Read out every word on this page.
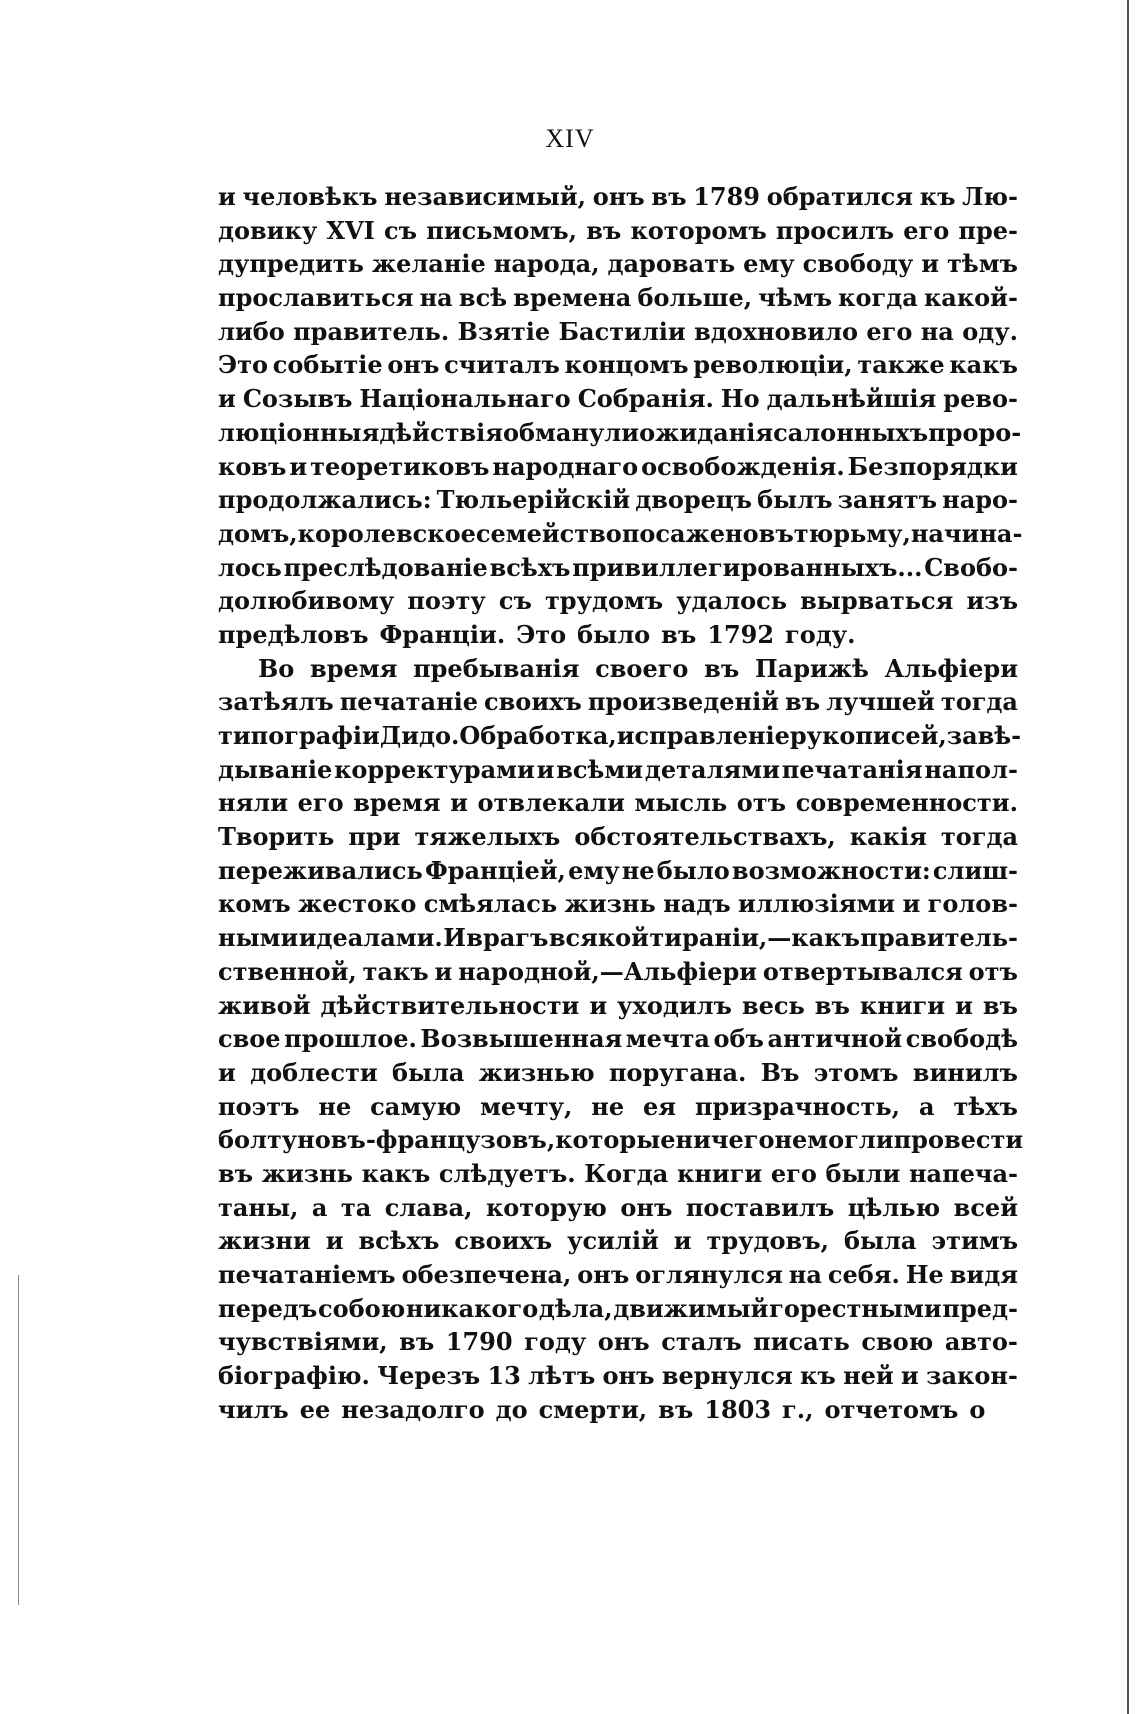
XIV
и человѣкъ независимый, онъ въ 1789 обратился къ Лю-
довику XVI съ письмомъ, въ которомъ просилъ его пре-
дупредить желаніе народа, даровать ему свободу и тѣмъ
прославиться на всѣ времена больше, чѣмъ когда какой-
либо правитель. Взятіе Бастиліи вдохновило его на оду.
Это событіе онъ считалъ концомъ революціи, также какъ
и Созывъ Національнаго Собранія. Но дальнѣйшія рево-
люціонныя дѣйствія обманули ожиданія салонныхъ проро-
ковъ и теоретиковъ народнаго освобожденія. Безпорядки
продолжались: Тюльерійскій дворецъ былъ занятъ наро-
домъ, королевское семейство посажено въ тюрьму, начина-
лось преслѣдованіе всѣхъ привиллегированныхъ... Свобо-
долюбивому поэту съ трудомъ удалось вырваться изъ
предѣловъ Франціи. Это было въ 1792 году.
Во время пребыванія своего въ Парижѣ Альфіери
затѣялъ печатаніе своихъ произведеній въ лучшей тогда
типографіи Дидо. Обработка, исправленіе рукописей, завѣ-
дываніе корректурами и всѣми деталями печатанія напол-
няли его время и отвлекали мысль отъ современности.
Творить при тяжелыхъ обстоятельствахъ, какія тогда
переживались Франціей, ему не было возможности: слиш-
комъ жестоко смѣялась жизнь надъ иллюзіями и голов-
ными идеалами. И врагъ всякой тираніи,—какъ правитель-
ственной, такъ и народной,—Альфіери отвертывался отъ
живой дѣйствительности и уходилъ весь въ книги и въ
свое прошлое. Возвышенная мечта объ античной свободѣ
и доблести была жизнью поругана. Въ этомъ винилъ
поэтъ не самую мечту, не ея призрачность, а тѣхъ
болтуновъ-французовъ, которые ничего не могли провести
въ жизнь какъ слѣдуетъ. Когда книги его были напеча-
таны, а та слава, которую онъ поставилъ цѣлью всей
жизни и всѣхъ своихъ усилій и трудовъ, была этимъ
печатаніемъ обезпечена, онъ оглянулся на себя. Не видя
передъ собою никакого дѣла, движимый горестными пред-
чувствіями, въ 1790 году онъ сталъ писать свою авто-
біографію. Черезъ 13 лѣтъ онъ вернулся къ ней и закон-
чилъ ее незадолго до смерти, въ 1803 г., отчетомъ о
